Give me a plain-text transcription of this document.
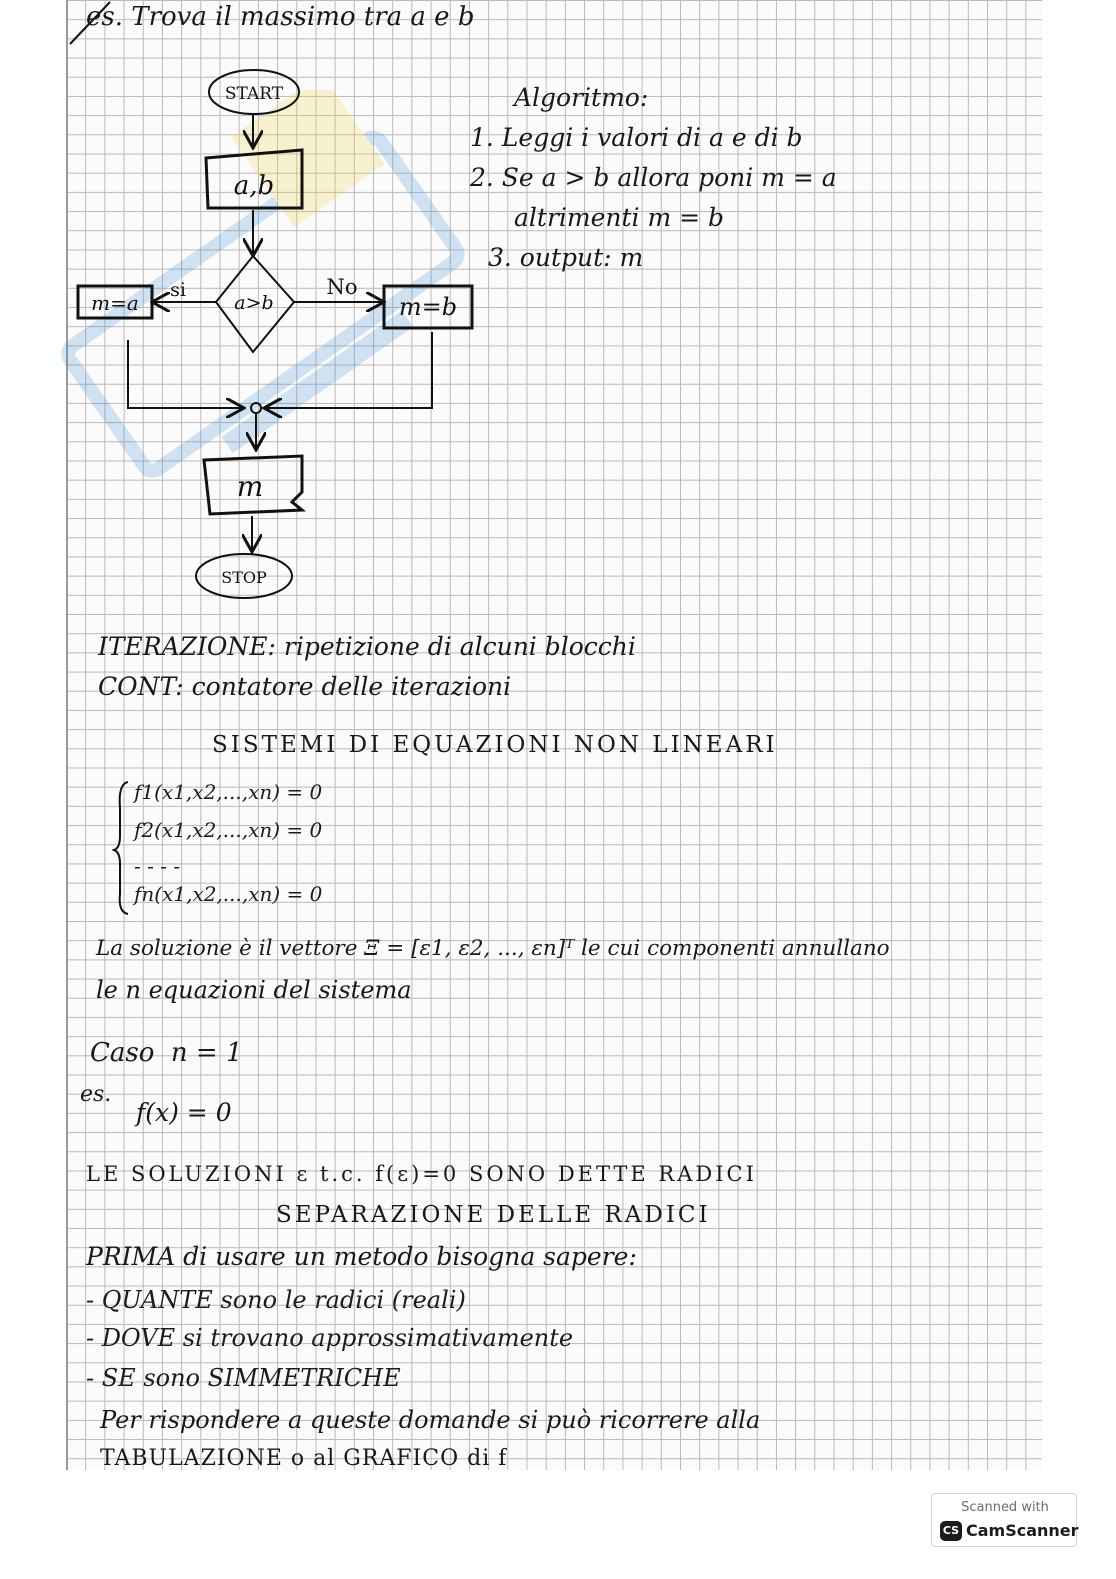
es. Trova il massimo tra a e b
START
a,b
a>b
si
m=a
No
m=b
m
STOP
Algoritmo:
1. Leggi i valori di a e di b
2. Se a > b allora poni m = a
altrimenti m = b
3. output: m
ITERAZIONE: ripetizione di alcuni blocchi
CONT: contatore delle iterazioni
SISTEMI DI EQUAZIONI NON LINEARI
f1(x1,x2,...,xn) = 0
f2(x1,x2,...,xn) = 0
- - - -
fn(x1,x2,...,xn) = 0
La soluzione è il vettore Ξ = [ε1, ε2, ..., εn]ᵀ le cui componenti annullano
le n equazioni del sistema
Caso  n = 1
es.
f(x) = 0
LE SOLUZIONI ε t.c. f(ε)=0 SONO DETTE RADICI
SEPARAZIONE DELLE RADICI
PRIMA di usare un metodo bisogna sapere:
- QUANTE sono le radici (reali)
- DOVE si trovano approssimativamente
- SE sono SIMMETRICHE
Per rispondere a queste domande si può ricorrere alla
TABULAZIONE o al GRAFICO di f
Scanned with
CS CamScanner
